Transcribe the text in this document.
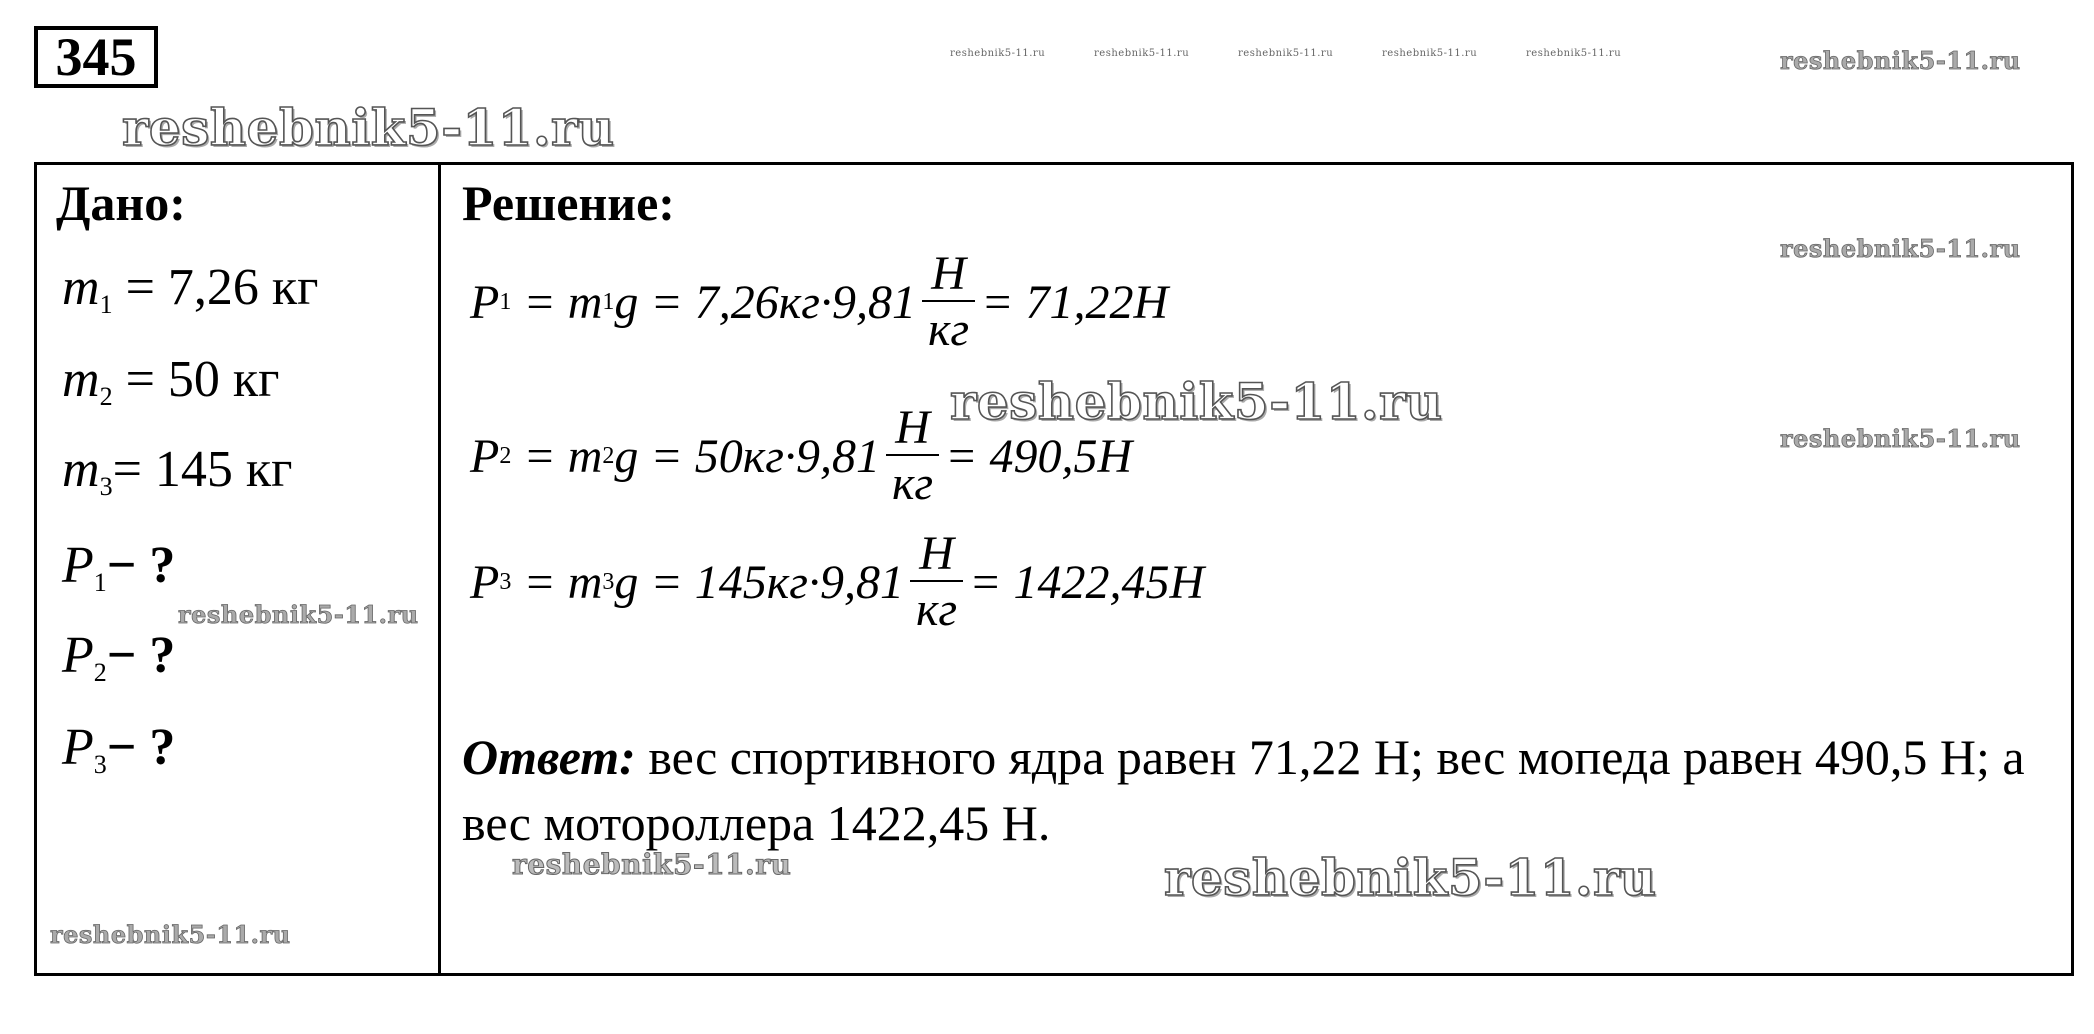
345
reshebnik5-11.ru
reshebnik5-11.ru	reshebnik5-11.ru	reshebnik5-11.ru	reshebnik5-11.ru	reshebnik5-11.ru	reshebnik5-11.ru
reshebnik5-11.ru
reshebnik5-11.ru
reshebnik5-11.ru
reshebnik5-11.ru
reshebnik5-11.ru	reshebnik5-11.ru
reshebnik5-11.ru
Дано:
$m_1 = 7,26$ кг
$m_2 = 50$ кг
$m_3= 145$ кг
$P_1-$ ?
$P_2-$ ?
$P_3-$ ?
Решение:
P 1 = m 1 $g = 7,26кг\cdot 9,81 \frac{Н}{кг} = 71,22Н$
P 2 = m 2 $g = 50кг\cdot 9,81 \frac{Н}{кг} = 490,5Н$
P 3 = m 3 $g = 145кг\cdot 9,81 \frac{Н}{кг} = 1422,45Н$
Ответ: вес спортивного ядра равен 71,22 Н; вес мопеда равен 490,5 Н; а вес мотороллера 1422,45 Н.
